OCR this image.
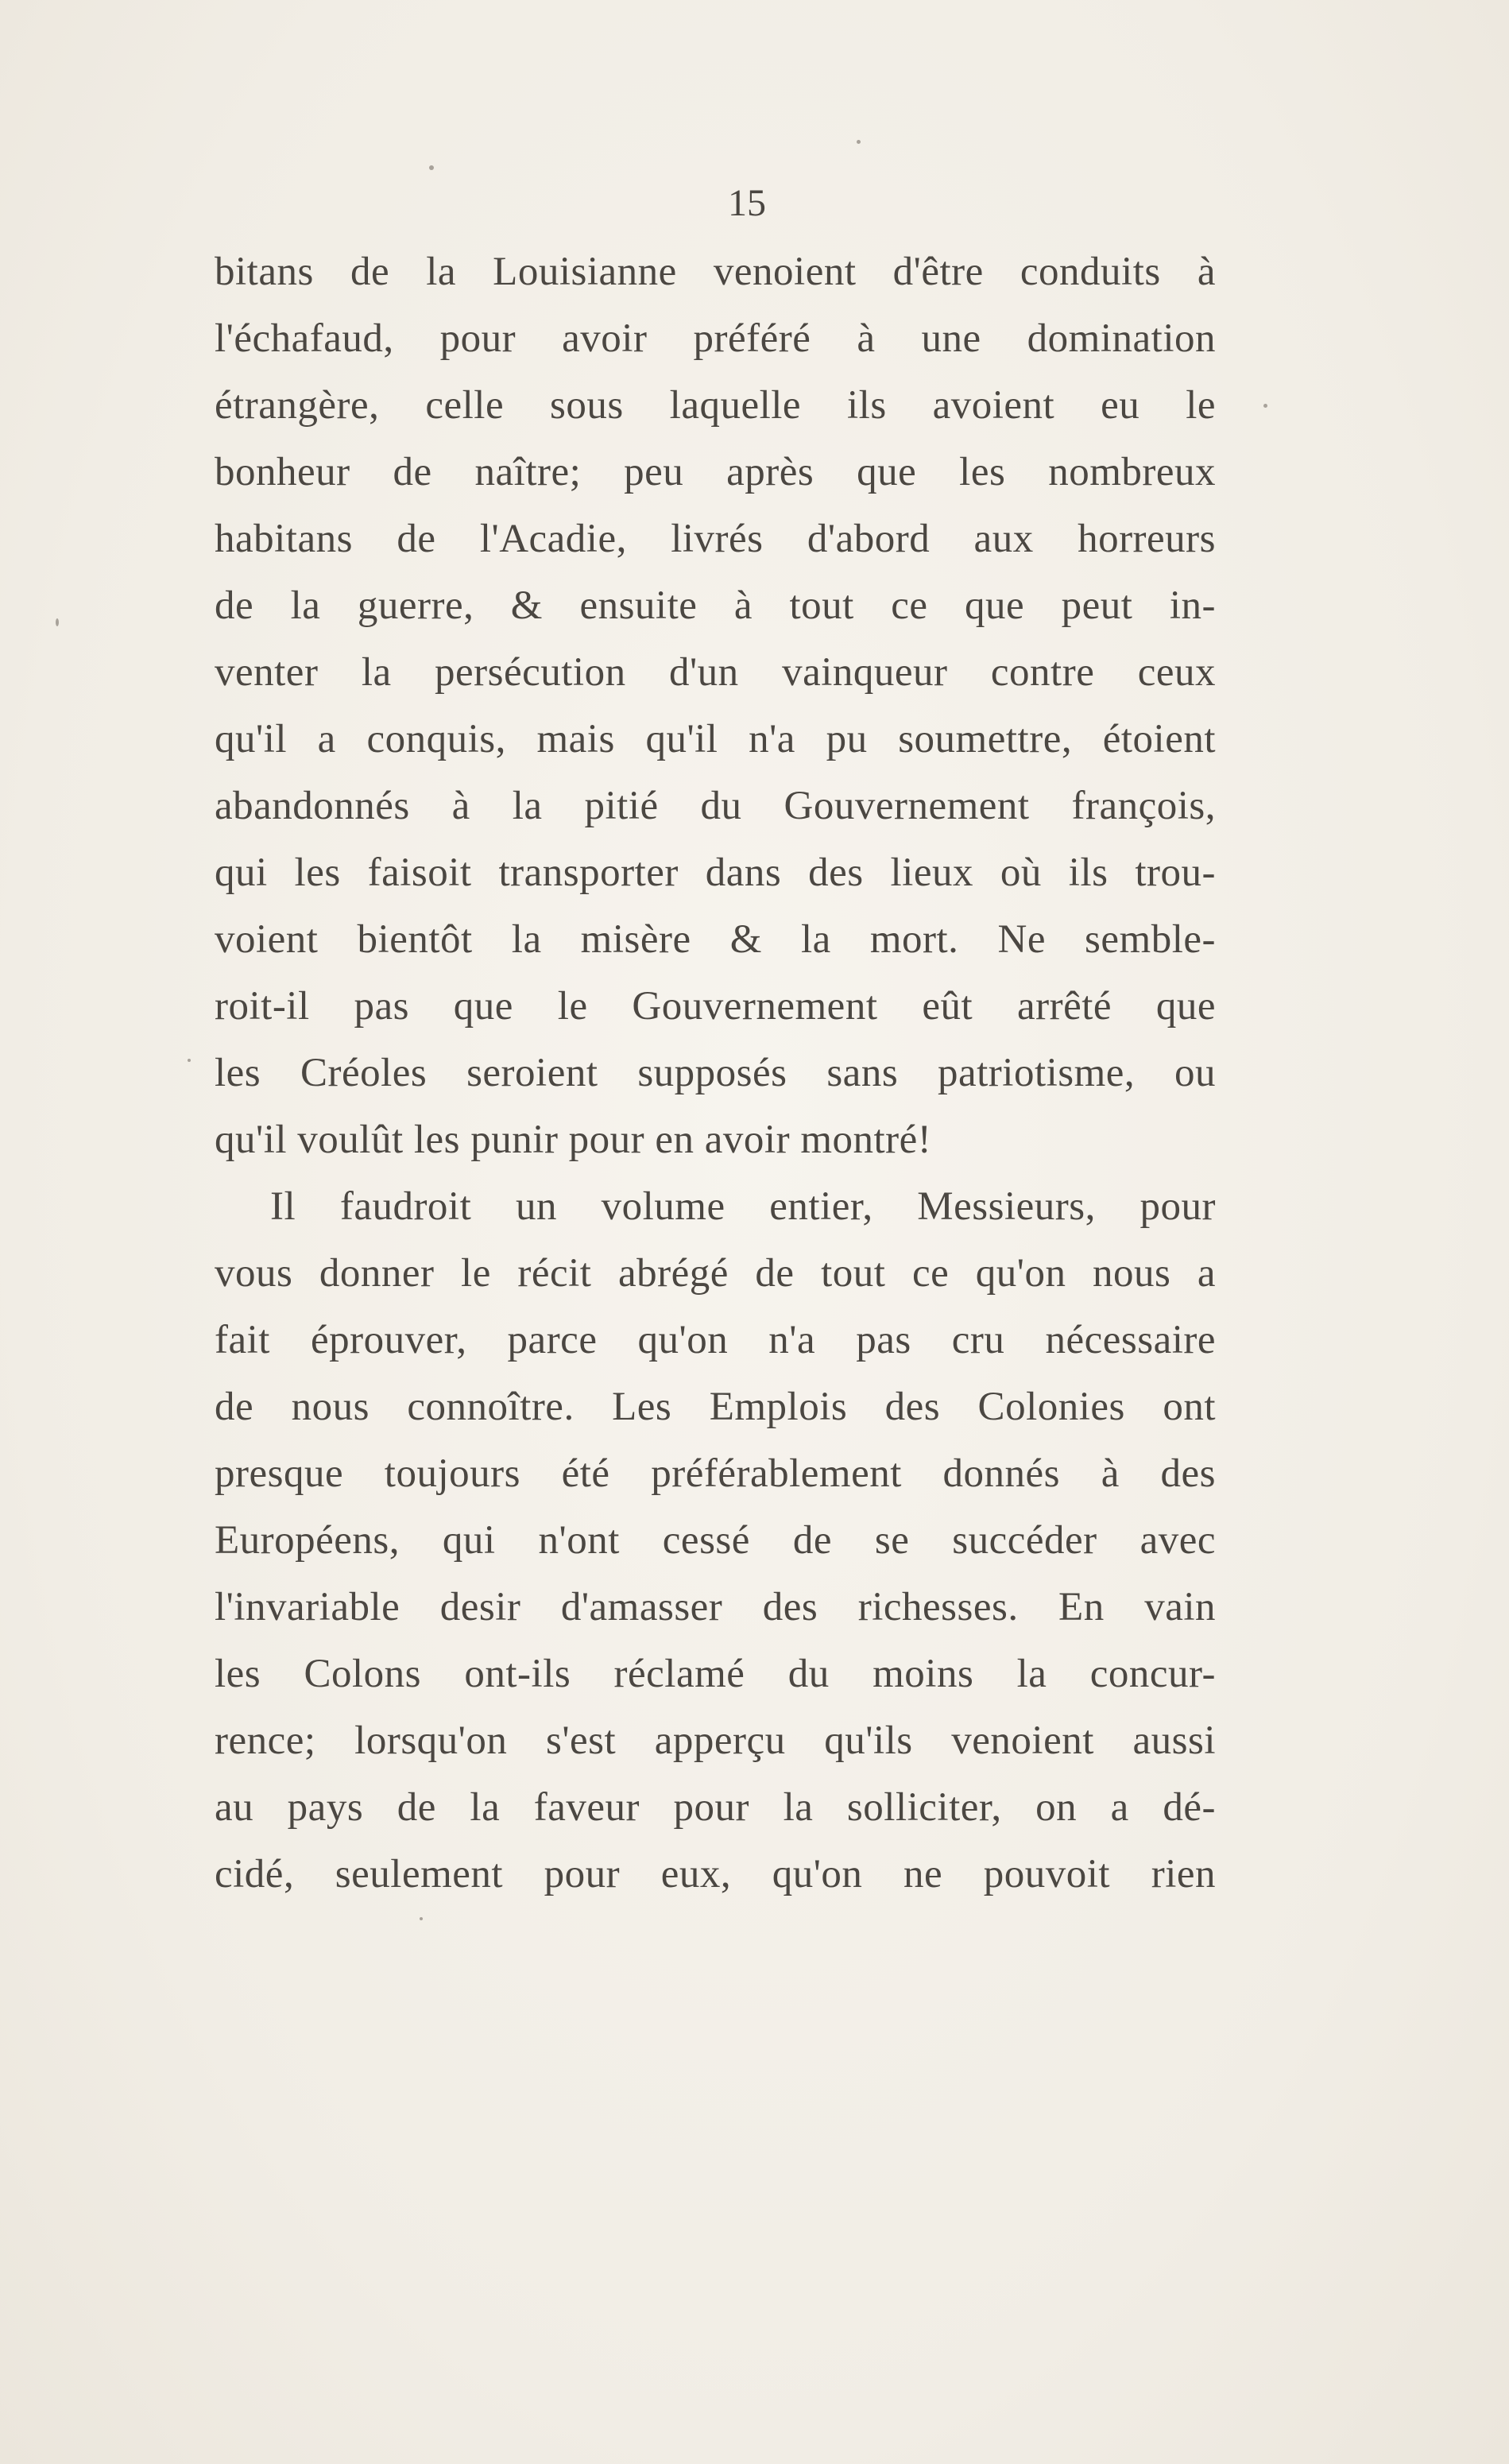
15
bitans de la Louisianne venoient d'être conduits à
l'échafaud, pour avoir préféré à une domination
étrangère, celle sous laquelle ils avoient eu le
bonheur de naître; peu après que les nombreux
habitans de l'Acadie, livrés d'abord aux horreurs
de la guerre, & ensuite à tout ce que peut in-
venter la persécution d'un vainqueur contre ceux
qu'il a conquis, mais qu'il n'a pu soumettre, étoient
abandonnés à la pitié du Gouvernement françois,
qui les faisoit transporter dans des lieux où ils trou-
voient bientôt la misère & la mort. Ne semble-
roit-il pas que le Gouvernement eût arrêté que
les Créoles seroient supposés sans patriotisme, ou
qu'il voulût les punir pour en avoir montré!
Il faudroit un volume entier, Messieurs, pour
vous donner le récit abrégé de tout ce qu'on nous a
fait éprouver, parce qu'on n'a pas cru nécessaire
de nous connoître. Les Emplois des Colonies ont
presque toujours été préférablement donnés à des
Européens, qui n'ont cessé de se succéder avec
l'invariable desir d'amasser des richesses. En vain
les Colons ont-ils réclamé du moins la concur-
rence; lorsqu'on s'est apperçu qu'ils venoient aussi
au pays de la faveur pour la solliciter, on a dé-
cidé, seulement pour eux, qu'on ne pouvoit rien
